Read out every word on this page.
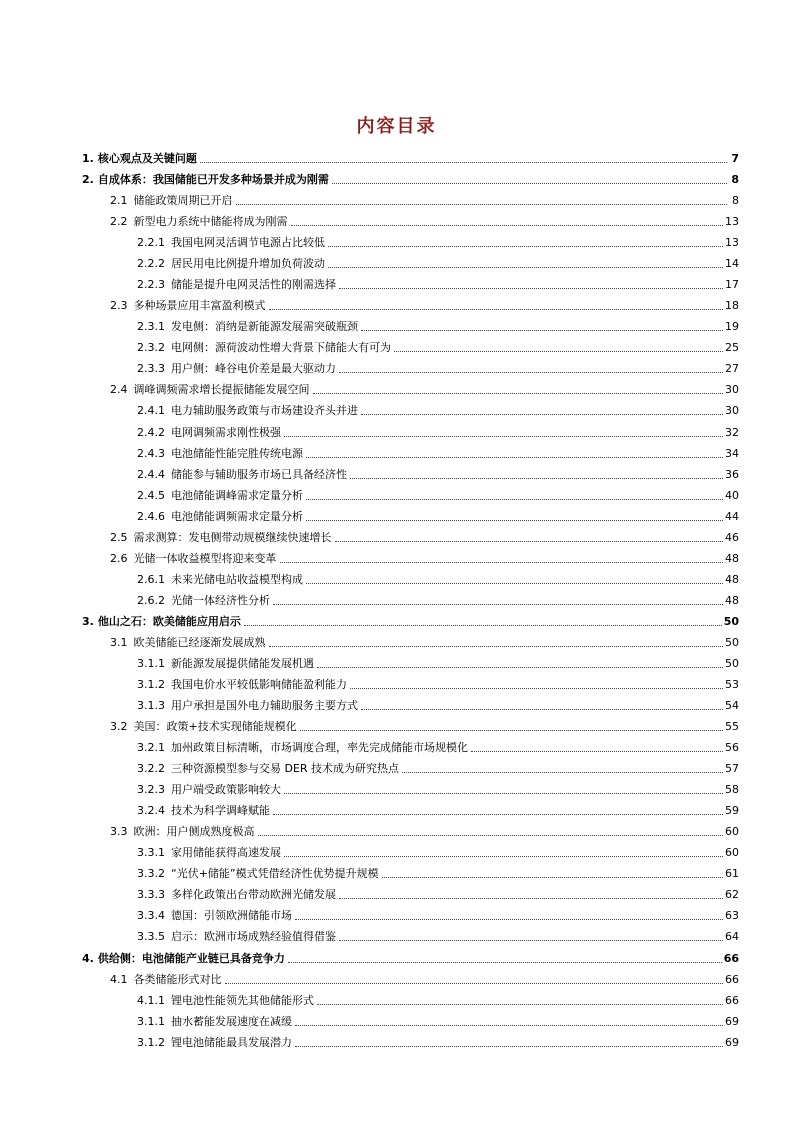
内容目录
1. 核心观点及关键问题	7
2. 自成体系：我国储能已开发多种场景并成为刚需	8
2.1 储能政策周期已开启	8
2.2 新型电力系统中储能将成为刚需	13
2.2.1 我国电网灵活调节电源占比较低	13
2.2.2 居民用电比例提升增加负荷波动	14
2.2.3 储能是提升电网灵活性的刚需选择	17
2.3 多种场景应用丰富盈利模式	18
2.3.1 发电侧：消纳是新能源发展需突破瓶颈	19
2.3.2 电网侧：源荷波动性增大背景下储能大有可为	25
2.3.3 用户侧：峰谷电价差是最大驱动力	27
2.4 调峰调频需求增长提振储能发展空间	30
2.4.1 电力辅助服务政策与市场建设齐头并进	30
2.4.2 电网调频需求刚性极强	32
2.4.3 电池储能性能完胜传统电源	34
2.4.4 储能参与辅助服务市场已具备经济性	36
2.4.5 电池储能调峰需求定量分析	40
2.4.6 电池储能调频需求定量分析	44
2.5 需求测算：发电侧带动规模继续快速增长	46
2.6 光储一体收益模型将迎来变革	48
2.6.1 未来光储电站收益模型构成	48
2.6.2 光储一体经济性分析	48
3. 他山之石：欧美储能应用启示	50
3.1 欧美储能已经逐渐发展成熟	50
3.1.1 新能源发展提供储能发展机遇	50
3.1.2 我国电价水平较低影响储能盈利能力	53
3.1.3 用户承担是国外电力辅助服务主要方式	54
3.2 美国：政策+技术实现储能规模化	55
3.2.1 加州政策目标清晰，市场调度合理，率先完成储能市场规模化	56
3.2.2 三种资源模型参与交易 DER 技术成为研究热点	57
3.2.3 用户端受政策影响较大	58
3.2.4 技术为科学调峰赋能	59
3.3 欧洲：用户侧成熟度极高	60
3.3.1 家用储能获得高速发展	60
3.3.2 “光伏+储能”模式凭借经济性优势提升规模	61
3.3.3 多样化政策出台带动欧洲光储发展	62
3.3.4 德国：引领欧洲储能市场	63
3.3.5 启示：欧洲市场成熟经验值得借鉴	64
4. 供给侧：电池储能产业链已具备竞争力	66
4.1 各类储能形式对比	66
4.1.1 锂电池性能领先其他储能形式	66
3.1.1 抽水蓄能发展速度在减缓	69
3.1.2 锂电池储能最具发展潜力	69
